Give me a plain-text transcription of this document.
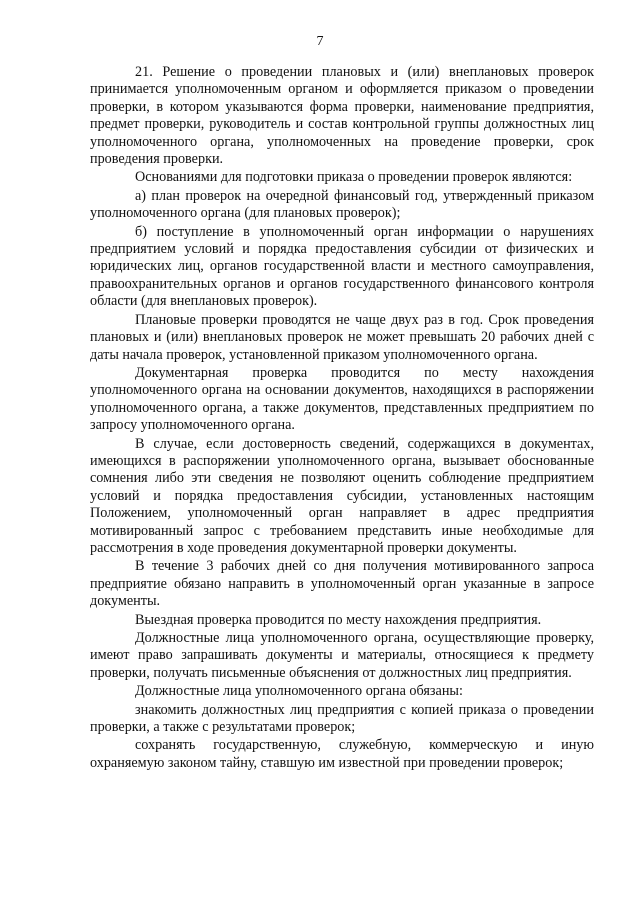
7

21. Решение о проведении плановых и (или) внеплановых проверок принимается уполномоченным органом и оформляется приказом о проведении проверки, в котором указываются форма проверки, наименование предприятия, предмет проверки, руководитель и состав контрольной группы должностных лиц уполномоченного органа, уполномоченных на проведение проверки, срок проведения проверки.

Основаниями для подготовки приказа о проведении проверок являются:

а) план проверок на очередной финансовый год, утвержденный приказом уполномоченного органа (для плановых проверок);

б) поступление в уполномоченный орган информации о нарушениях предприятием условий и порядка предоставления субсидии от физических и юридических лиц, органов государственной власти и местного самоуправления, правоохранительных органов и органов государственного финансового контроля области (для внеплановых проверок).

Плановые проверки проводятся не чаще двух раз в год. Срок проведения плановых и (или) внеплановых проверок не может превышать 20 рабочих дней с даты начала проверок, установленной приказом уполномоченного органа.

Документарная проверка проводится по месту нахождения уполномоченного органа на основании документов, находящихся в распоряжении уполномоченного органа, а также документов, представленных предприятием по запросу уполномоченного органа.

В случае, если достоверность сведений, содержащихся в документах, имеющихся в распоряжении уполномоченного органа, вызывает обоснованные сомнения либо эти сведения не позволяют оценить соблюдение предприятием условий и порядка предоставления субсидии, установленных настоящим Положением, уполномоченный орган направляет в адрес предприятия мотивированный запрос с требованием представить иные необходимые для рассмотрения в ходе проведения документарной проверки документы.

В течение 3 рабочих дней со дня получения мотивированного запроса предприятие обязано направить в уполномоченный орган указанные в запросе документы.

Выездная проверка проводится по месту нахождения предприятия.

Должностные лица уполномоченного органа, осуществляющие проверку, имеют право запрашивать документы и материалы, относящиеся к предмету проверки, получать письменные объяснения от должностных лиц предприятия.

Должностные лица уполномоченного органа обязаны:

знакомить должностных лиц предприятия с копией приказа о проведении проверки, а также с результатами проверок;

сохранять государственную, служебную, коммерческую и иную охраняемую законом тайну, ставшую им известной при проведении проверок;
